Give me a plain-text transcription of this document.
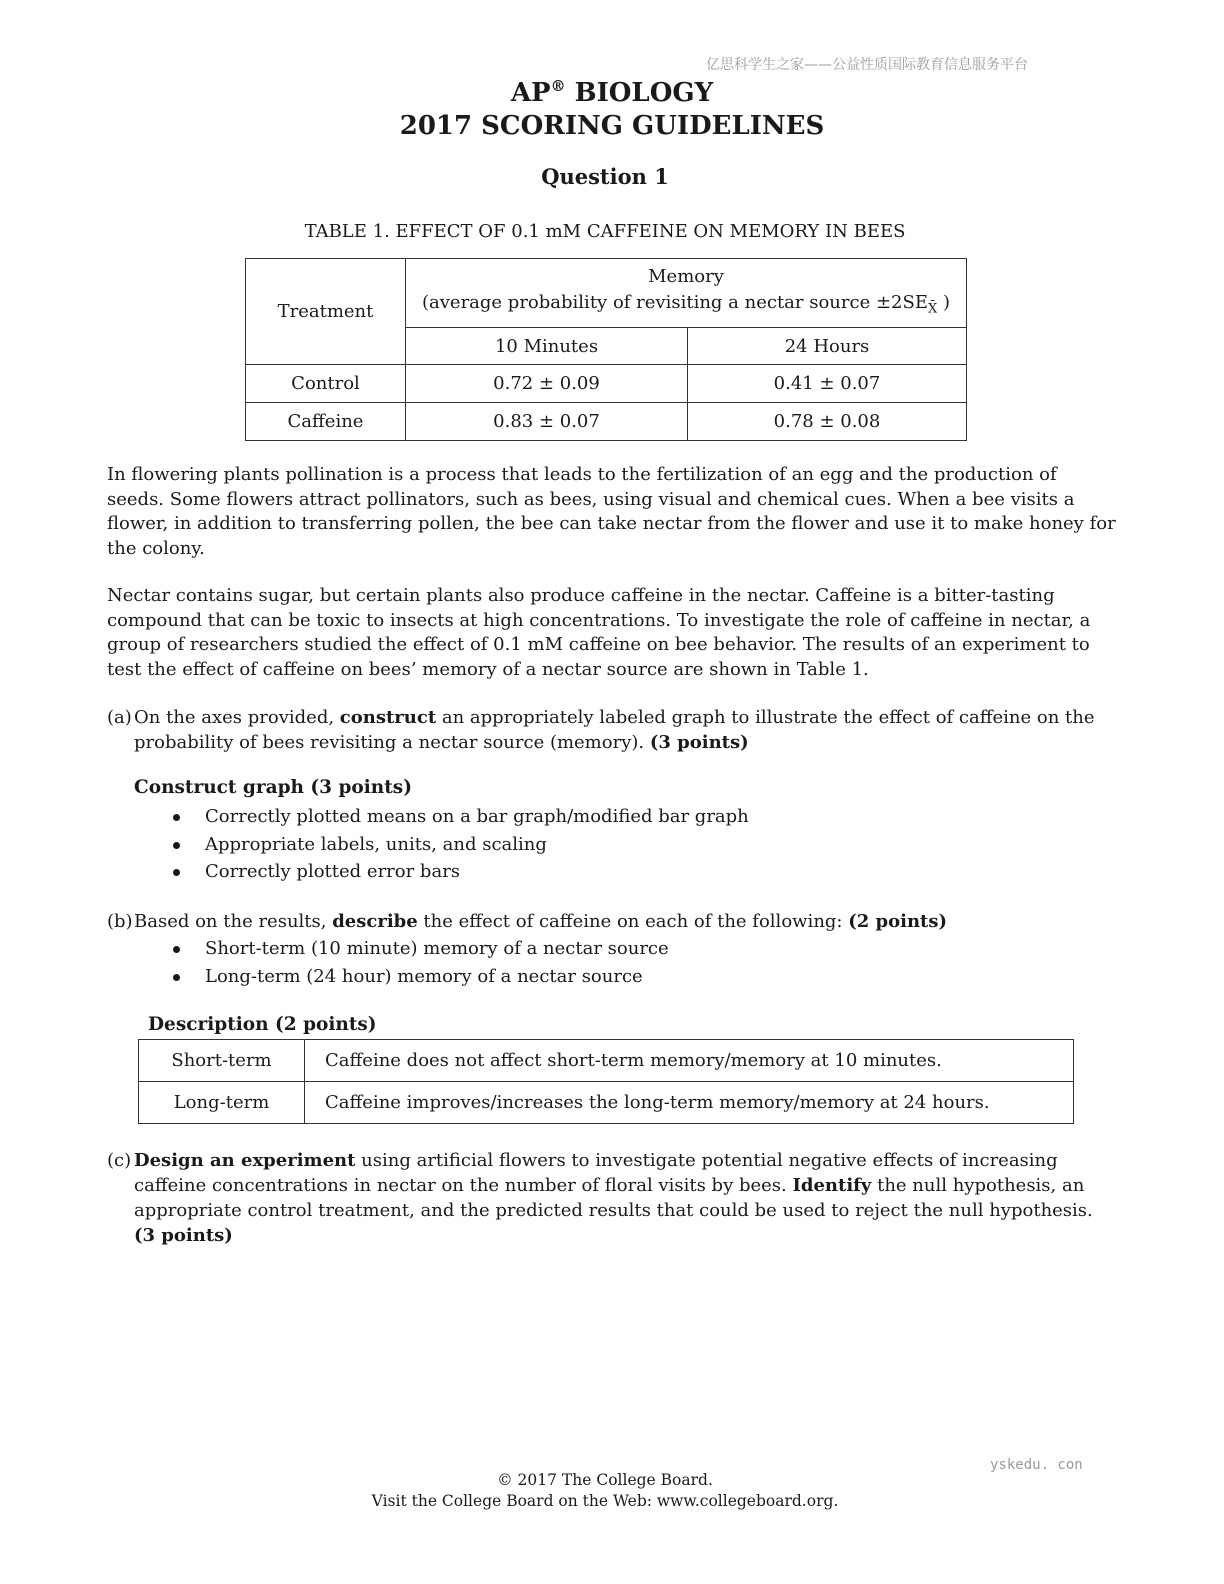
亿思科学生之家——公益性质国际教育信息服务平台
AP® BIOLOGY
2017 SCORING GUIDELINES
Question 1
TABLE 1. EFFECT OF 0.1 mM CAFFEINE ON MEMORY IN BEES
Treatment	Memory
(average probability of revisiting a nectar source $\pm 2SE_{X̄}$ )	

	10 Minutes	24 Hours
Control	0.72 ± 0.09	0.41 ± 0.07
Caffeine	0.83 ± 0.07	0.78 ± 0.08

In flowering plants pollination is a process that leads to the fertilization of an egg and the production of seeds. Some flowers attract pollinators, such as bees, using visual and chemical cues. When a bee visits a flower, in addition to transferring pollen, the bee can take nectar from the flower and use it to make honey for the colony.

Nectar contains sugar, but certain plants also produce caffeine in the nectar. Caffeine is a bitter-tasting compound that can be toxic to insects at high concentrations. To investigate the role of caffeine in nectar, a group of researchers studied the effect of 0.1 mM caffeine on bee behavior. The results of an experiment to test the effect of caffeine on bees’ memory of a nectar source are shown in Table 1.

(a) On the axes provided, construct an appropriately labeled graph to illustrate the effect of caffeine on the probability of bees revisiting a nectar source (memory). (3 points)
Construct graph (3 points)
Correctly plotted means on a bar graph/modified bar graph
Appropriate labels, units, and scaling
Correctly plotted error bars
(b) Based on the results, describe the effect of caffeine on each of the following: (2 points)
Short-term (10 minute) memory of a nectar source
Long-term (24 hour) memory of a nectar source
Description (2 points)
Short-term	Caffeine does not affect short-term memory/memory at 10 minutes.
Long-term	Caffeine improves/increases the long-term memory/memory at 24 hours.
(c) Design an experiment using artificial flowers to investigate potential negative effects of increasing caffeine concentrations in nectar on the number of floral visits by bees. Identify the null hypothesis, an appropriate control treatment, and the predicted results that could be used to reject the null hypothesis.
(3 points)
yskedu. con
© 2017 The College Board.
Visit the College Board on the Web: www.collegeboard.org.
